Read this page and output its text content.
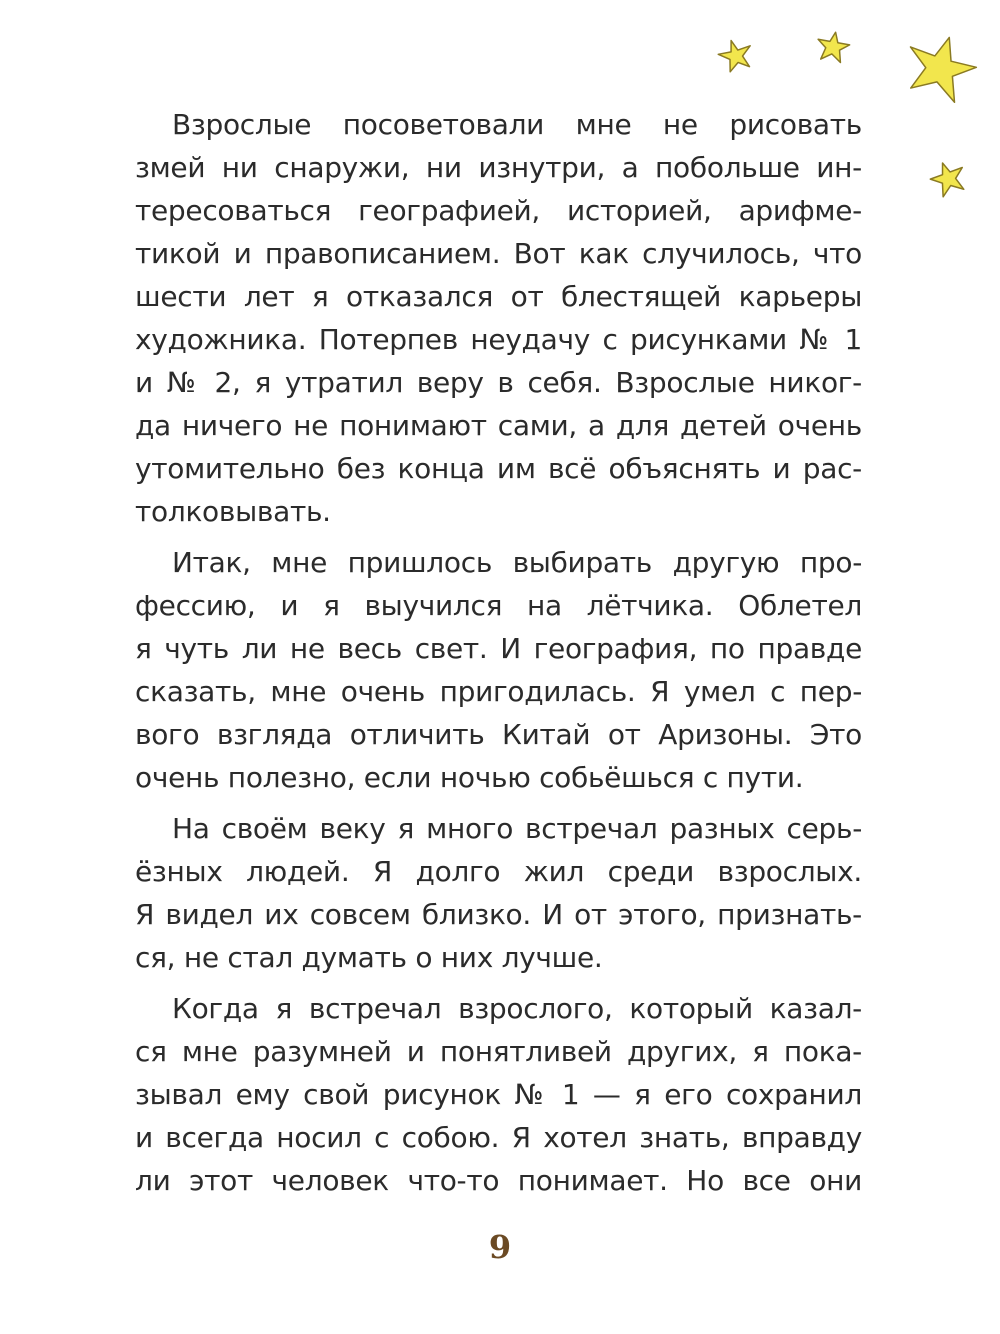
Взрослые посоветовали мне не рисовать
змей ни снаружи, ни изнутри, а побольше ин-
тересоваться географией, историей, арифме-
тикой и правописанием. Вот как случилось, что
шести лет я отказался от блестящей карьеры
художника. Потерпев неудачу с рисунками № 1
и № 2, я утратил веру в себя. Взрослые никог-
да ничего не понимают сами, а для детей очень
утомительно без конца им всё объяснять и рас-
толковывать.

Итак, мне пришлось выбирать другую про-
фессию, и я выучился на лётчика. Облетел
я чуть ли не весь свет. И география, по правде
сказать, мне очень пригодилась. Я умел с пер-
вого взгляда отличить Китай от Аризоны. Это
очень полезно, если ночью собьёшься с пути.

На своём веку я много встречал разных серь-
ёзных людей. Я долго жил среди взрослых.
Я видел их совсем близко. И от этого, признать-
ся, не стал думать о них лучше.

Когда я встречал взрослого, который казал-
ся мне разумней и понятливей других, я пока-
зывал ему свой рисунок № 1 — я его сохранил
и всегда носил с собою. Я хотел знать, вправду
ли этот человек что-то понимает. Но все они

9
